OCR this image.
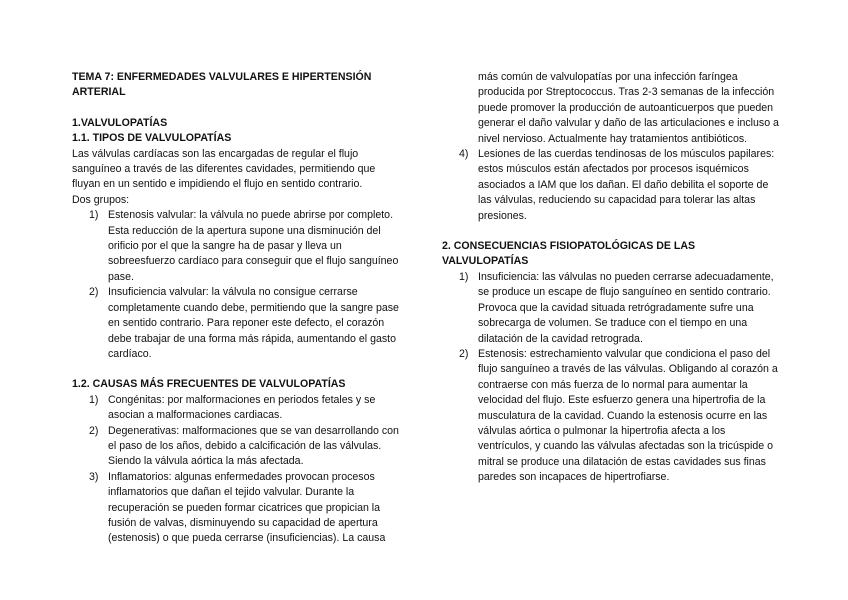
TEMA 7: ENFERMEDADES VALVULARES E HIPERTENSIÓN ARTERIAL
1.VALVULOPATÍAS
1.1. TIPOS DE VALVULOPATÍAS

Las válvulas cardíacas son las encargadas de regular el flujo sanguíneo a través de las diferentes cavidades, permitiendo que fluyan en un sentido e impidiendo el flujo en sentido contrario.

Dos grupos:

1) Estenosis valvular: la válvula no puede abrirse por completo. Esta reducción de la apertura supone una disminución del orificio por el que la sangre ha de pasar y lleva un sobreesfuerzo cardíaco para conseguir que el flujo sanguíneo pase.
2) Insuficiencia valvular: la válvula no consigue cerrarse completamente cuando debe, permitiendo que la sangre pase en sentido contrario. Para reponer este defecto, el corazón debe trabajar de una forma más rápida, aumentando el gasto cardíaco.
1.2. CAUSAS MÁS FRECUENTES DE VALVULOPATÍAS
1) Congénitas: por malformaciones en periodos fetales y se asocian a malformaciones cardiacas.
2) Degenerativas: malformaciones que se van desarrollando con el paso de los años, debido a calcificación de las válvulas. Siendo la válvula aórtica la más afectada.
3) Inflamatorios: algunas enfermedades provocan procesos inflamatorios que dañan el tejido valvular. Durante la recuperación se pueden formar cicatrices que propician la fusión de valvas, disminuyendo su capacidad de apertura (estenosis) o que pueda cerrarse (insuficiencias). La causa

más común de valvulopatías por una infección faríngea producida por Streptococcus. Tras 2-3 semanas de la infección puede promover la producción de autoanticuerpos que pueden generar el daño valvular y daño de las articulaciones e incluso a nivel nervioso. Actualmente hay tratamientos antibióticos.

4) Lesiones de las cuerdas tendinosas de los músculos papilares: estos músculos están afectados por procesos isquémicos asociados a IAM que los dañan. El daño debilita el soporte de las válvulas, reduciendo su capacidad para tolerar las altas presiones.
2. CONSECUENCIAS FISIOPATOLÓGICAS DE LAS VALVULOPATÍAS
1) Insuficiencia: las válvulas no pueden cerrarse adecuadamente, se produce un escape de flujo sanguíneo en sentido contrario. Provoca que la cavidad situada retrógradamente sufre una sobrecarga de volumen. Se traduce con el tiempo en una dilatación de la cavidad retrograda.
2) Estenosis: estrechamiento valvular que condiciona el paso del flujo sanguíneo a través de las válvulas. Obligando al corazón a contraerse con más fuerza de lo normal para aumentar la velocidad del flujo. Este esfuerzo genera una hipertrofia de la musculatura de la cavidad. Cuando la estenosis ocurre en las válvulas aórtica o pulmonar la hipertrofia afecta a los ventrículos, y cuando las válvulas afectadas son la tricúspide o mitral se produce una dilatación de estas cavidades sus finas paredes son incapaces de hipertrofiarse.
